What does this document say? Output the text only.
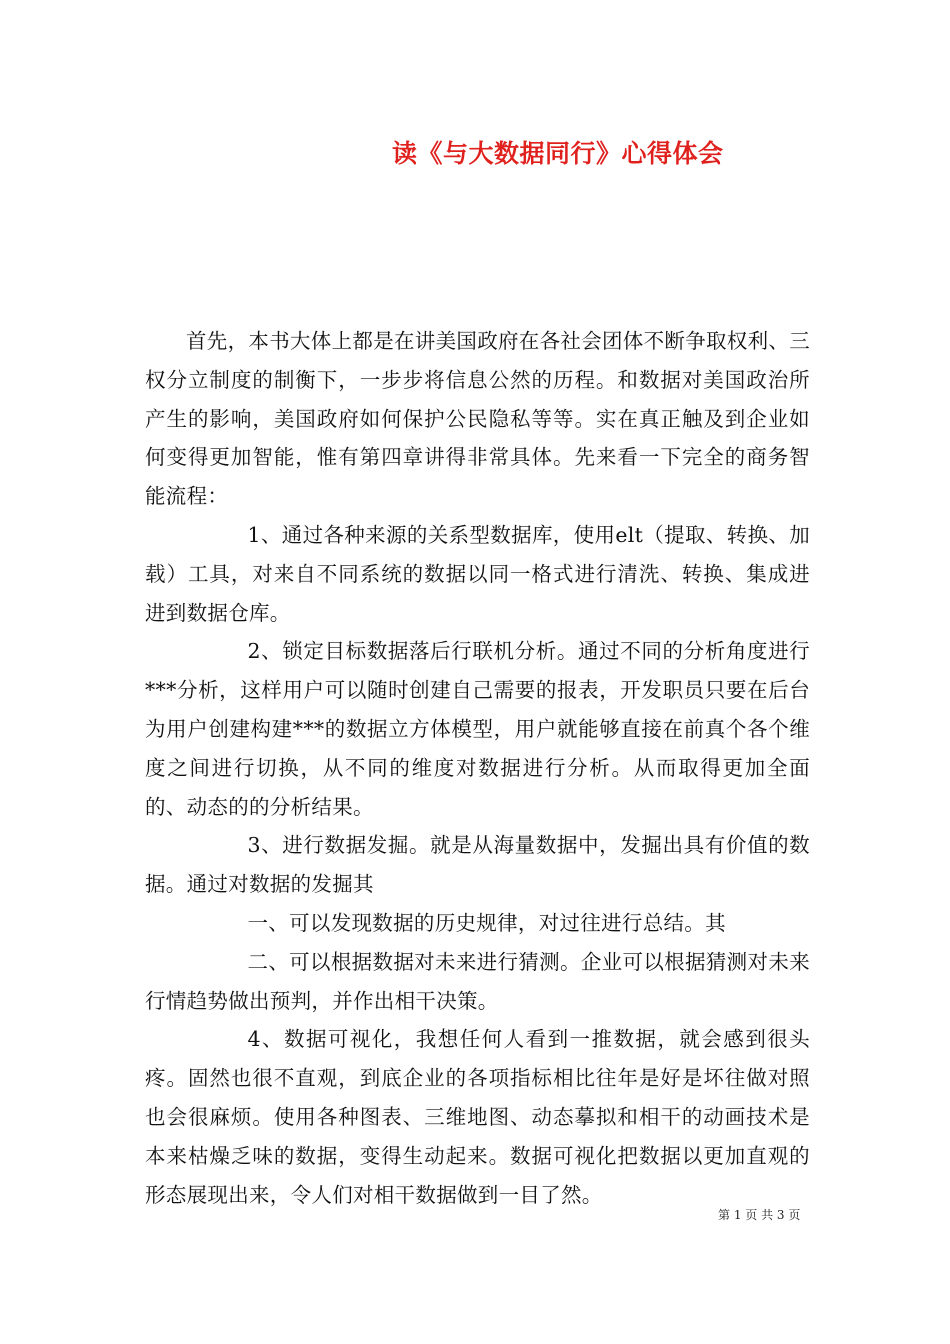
读《与大数据同行》心得体会

首先，本书大体上都是在讲美国政府在各社会团体不断争取权利、三权分立制度的制衡下，一步步将信息公然的历程。和数据对美国政治所产生的影响，美国政府如何保护公民隐私等等。实在真正触及到企业如何变得更加智能，惟有第四章讲得非常具体。先来看一下完全的商务智能流程：

1、通过各种来源的关系型数据库，使用elt（提取、转换、加载）工具，对来自不同系统的数据以同一格式进行清洗、转换、集成进进到数据仓库。

2、锁定目标数据落后行联机分析。通过不同的分析角度进行***分析，这样用户可以随时创建自己需要的报表，开发职员只要在后台为用户创建构建***的数据立方体模型，用户就能够直接在前真个各个维度之间进行切换，从不同的维度对数据进行分析。从而取得更加全面的、动态的的分析结果。

3、进行数据发掘。就是从海量数据中，发掘出具有价值的数据。通过对数据的发掘其

一、可以发现数据的历史规律，对过往进行总结。其

二、可以根据数据对未来进行猜测。企业可以根据猜测对未来行情趋势做出预判，并作出相干决策。

4、数据可视化，我想任何人看到一推数据，就会感到很头疼。固然也很不直观，到底企业的各项指标相比往年是好是坏往做对照也会很麻烦。使用各种图表、三维地图、动态摹拟和相干的动画技术是本来枯燥乏味的数据，变得生动起来。数据可视化把数据以更加直观的形态展现出来，令人们对相干数据做到一目了然。

第 1 页 共 3 页
